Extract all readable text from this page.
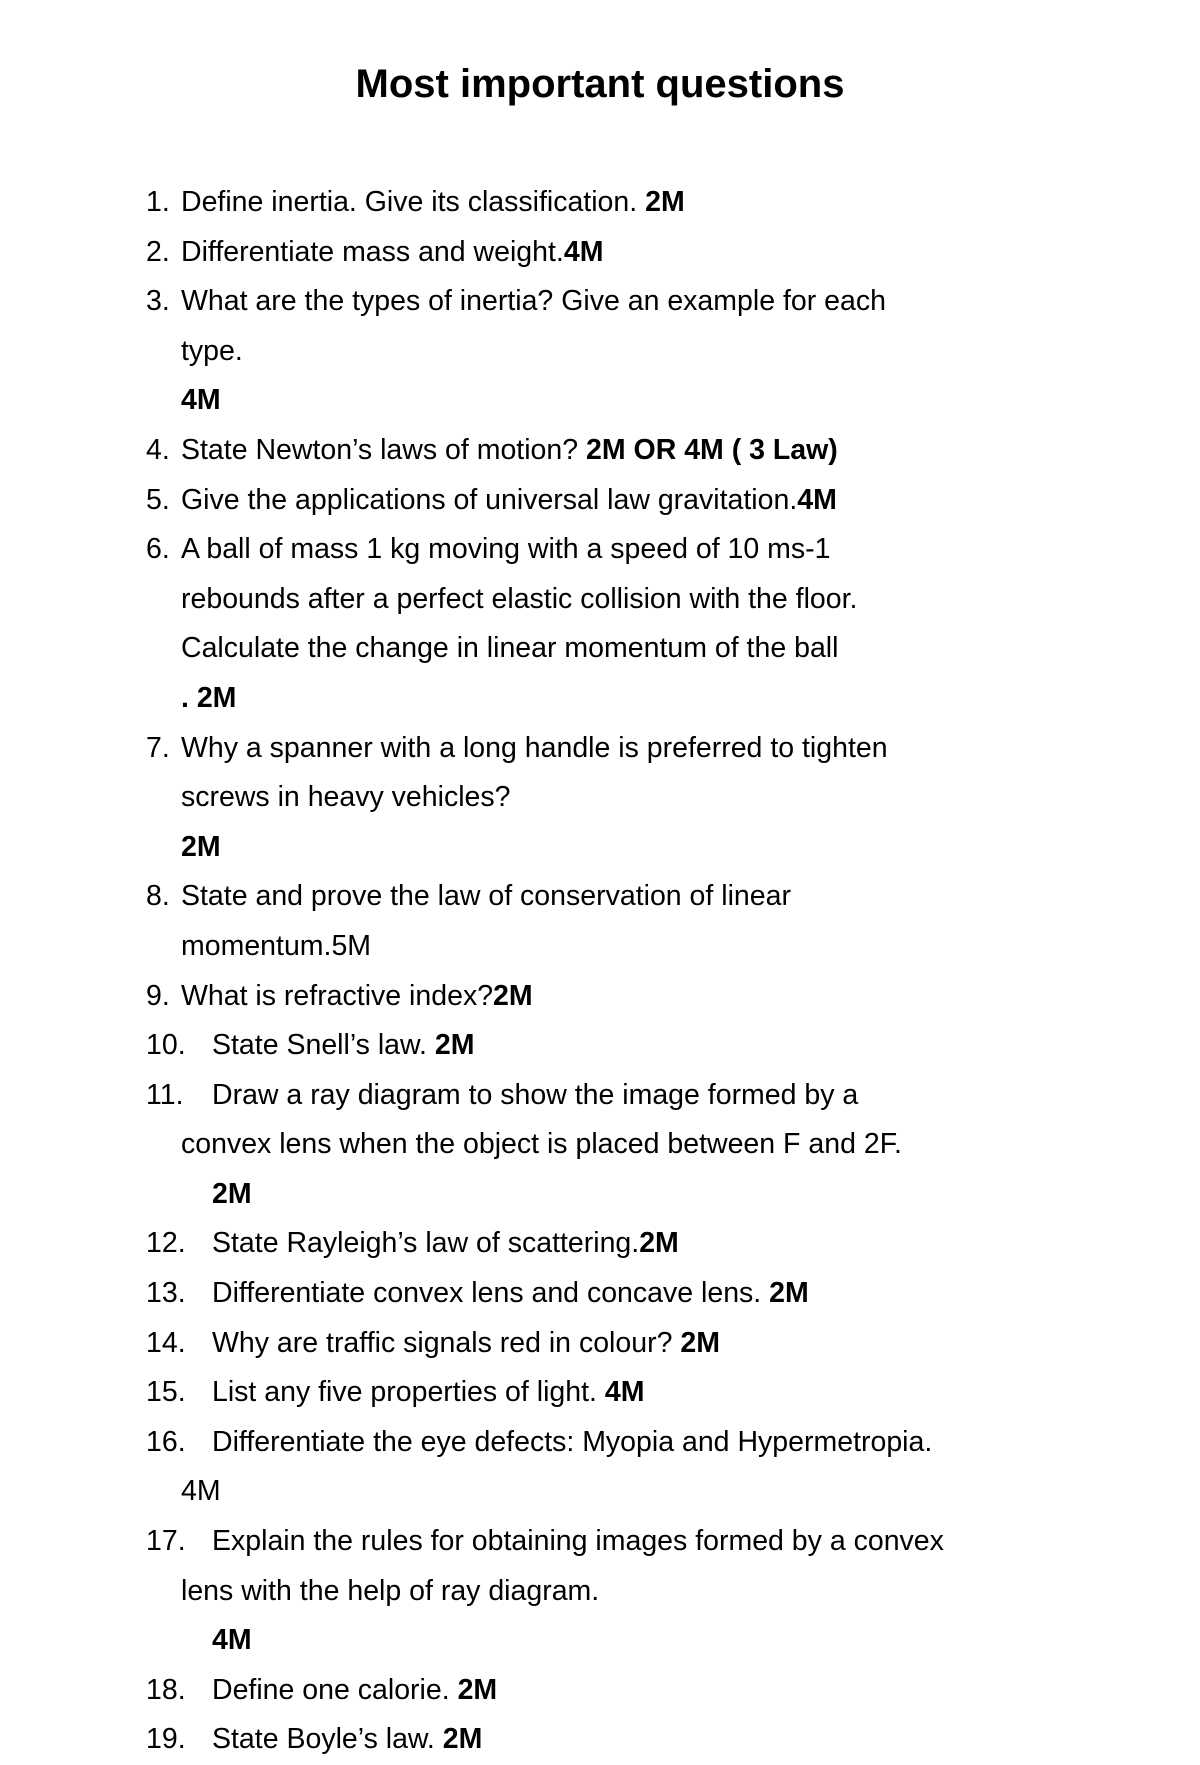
Most important questions
1. Define inertia. Give its classification. 2M
2. Differentiate mass and weight.4M
3. What are the types of inertia? Give an example for each
type.
4M
4. State Newton’s laws of motion? 2M OR 4M ( 3 Law)
5. Give the applications of universal law gravitation.4M
6. A ball of mass 1 kg moving with a speed of 10 ms-1
rebounds after a perfect elastic collision with the floor.
Calculate the change in linear momentum of the ball
. 2M
7. Why a spanner with a long handle is preferred to tighten
screws in heavy vehicles?
2M
8. State and prove the law of conservation of linear
momentum.5M
9. What is refractive index?2M
10. State Snell’s law. 2M
11. Draw a ray diagram to show the image formed by a
convex lens when the object is placed between F and 2F.
2M
12. State Rayleigh’s law of scattering.2M
13. Differentiate convex lens and concave lens. 2M
14. Why are traffic signals red in colour? 2M
15. List any five properties of light. 4M
16. Differentiate the eye defects: Myopia and Hypermetropia.
4M
17. Explain the rules for obtaining images formed by a convex
lens with the help of ray diagram.
4M
18. Define one calorie. 2M
19. State Boyle’s law. 2M
